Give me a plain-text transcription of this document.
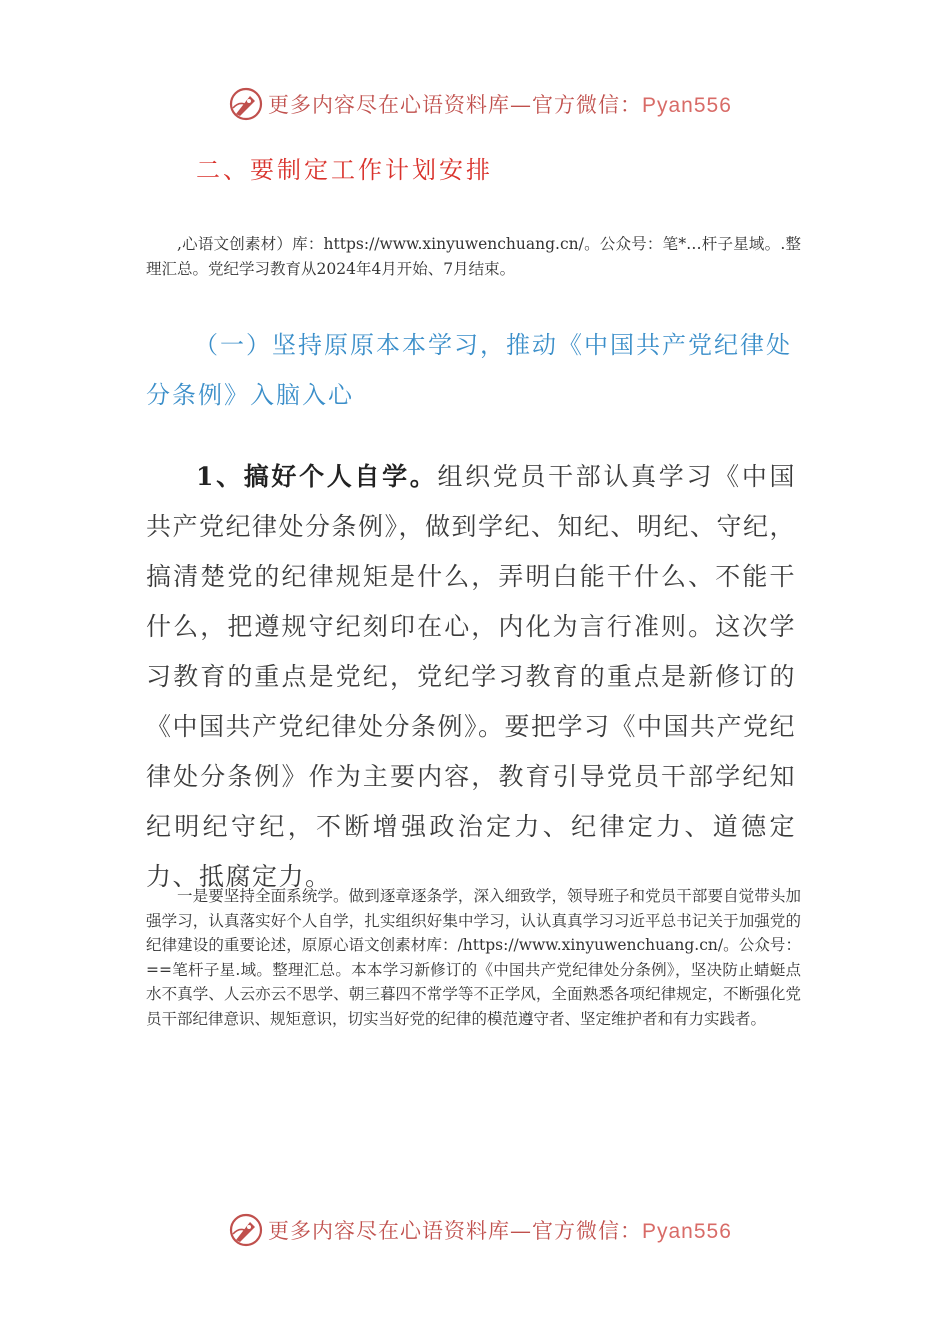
更多内容尽在心语资料库—官方微信：Pyan556
二、要制定工作计划安排

,心语文创素材）库：https://www.xinyuwenchuang.cn/。公众号：笔*…杆子星域。.整理汇总。党纪学习教育从2024年4月开始、7月结束。

（一）坚持原原本本学习，推动《中国共产党纪律处分条例》入脑入心

1、搞好个人自学。组织党员干部认真学习《中国共产党纪律处分条例》，做到学纪、知纪、明纪、守纪，搞清楚党的纪律规矩是什么，弄明白能干什么、不能干什么，把遵规守纪刻印在心，内化为言行准则。这次学习教育的重点是党纪，党纪学习教育的重点是新修订的《中国共产党纪律处分条例》。要把学习《中国共产党纪律处分条例》作为主要内容，教育引导党员干部学纪知纪明纪守纪，不断增强政治定力、纪律定力、道德定力、抵腐定力。

一是要坚持全面系统学。做到逐章逐条学，深入细致学，领导班子和党员干部要自觉带头加强学习，认真落实好个人自学，扎实组织好集中学习，认认真真学习习近平总书记关于加强党的纪律建设的重要论述，原原心语文创素材库：/https://www.xinyuwenchuang.cn/。公众号：==笔杆子星.域。整理汇总。本本学习新修订的《中国共产党纪律处分条例》，坚决防止蜻蜓点水不真学、人云亦云不思学、朝三暮四不常学等不正学风，全面熟悉各项纪律规定，不断强化党员干部纪律意识、规矩意识，切实当好党的纪律的模范遵守者、坚定维护者和有力实践者。

更多内容尽在心语资料库—官方微信：Pyan556
